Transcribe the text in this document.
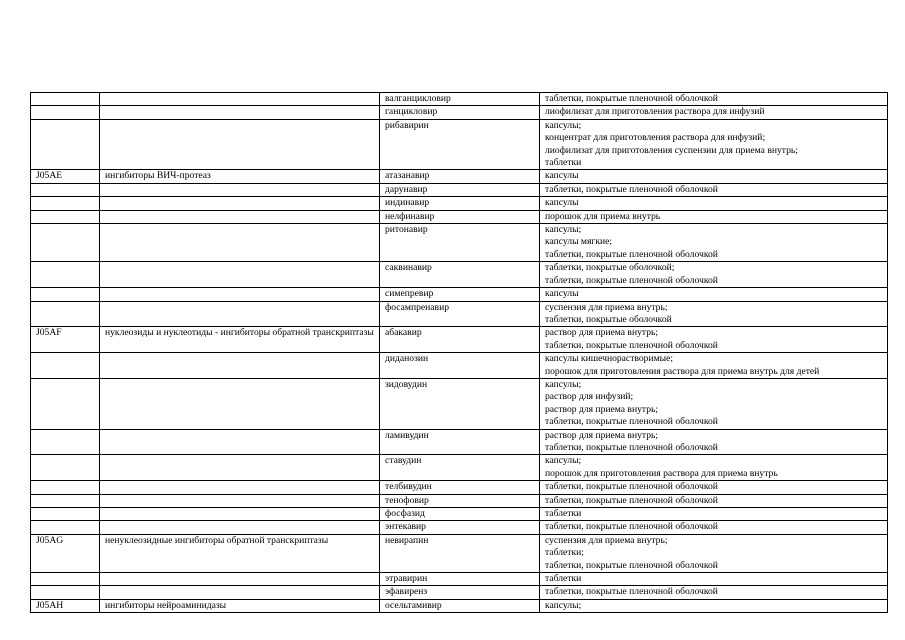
		валганцикловир	таблетки, покрытые пленочной оболочкой
		ганцикловир	лиофилизат для приготовления раствора для инфузий
		рибавирин	капсулы;
концентрат для приготовления раствора для инфузий;
лиофилизат для приготовления суспензии для приема внутрь;
таблетки
J05AE	ингибиторы ВИЧ-протеаз	атазанавир	капсулы
		дарунавир	таблетки, покрытые пленочной оболочкой
		индинавир	капсулы
		нелфинавир	порошок для приема внутрь
		ритонавир	капсулы;
капсулы мягкие;
таблетки, покрытые пленочной оболочкой
		саквинавир	таблетки, покрытые оболочкой;
таблетки, покрытые пленочной оболочкой
		симепревир	капсулы
		фосампренавир	суспензия для приема внутрь;
таблетки, покрытые оболочкой
J05AF	нуклеозиды и нуклеотиды - ингибиторы обратной транскриптазы	абакавир	раствор для приема внутрь;
таблетки, покрытые пленочной оболочкой
		диданозин	капсулы кишечнорастворимые;
порошок для приготовления раствора для приема внутрь для детей
		зидовудин	капсулы;
раствор для инфузий;
раствор для приема внутрь;
таблетки, покрытые пленочной оболочкой
		ламивудин	раствор для приема внутрь;
таблетки, покрытые пленочной оболочкой
		ставудин	капсулы;
порошок для приготовления раствора для приема внутрь
		телбивудин	таблетки, покрытые пленочной оболочкой
		тенофовир	таблетки, покрытые пленочной оболочкой
		фосфазид	таблетки
		энтекавир	таблетки, покрытые пленочной оболочкой
J05AG	ненуклеозидные ингибиторы обратной транскриптазы	невирапин	суспензия для приема внутрь;
таблетки;
таблетки, покрытые пленочной оболочкой
		этравирин	таблетки
		эфавиренз	таблетки, покрытые пленочной оболочкой
J05AH	ингибиторы нейроаминидазы	осельтамивир	капсулы;
